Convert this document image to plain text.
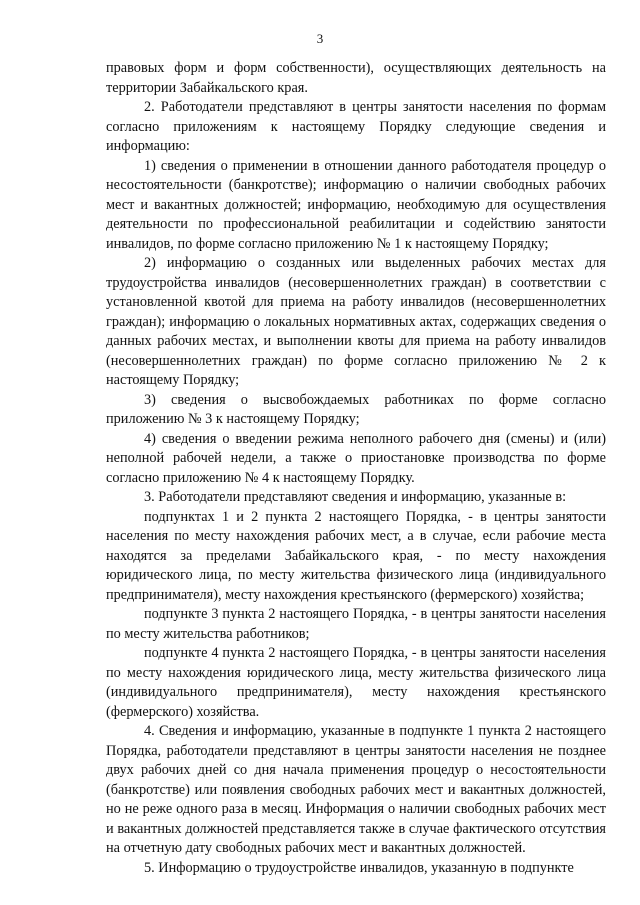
3

правовых форм и форм собственности), осуществляющих деятельность на территории Забайкальского края.

2. Работодатели представляют в центры занятости населения по формам согласно приложениям к настоящему Порядку следующие сведения и информацию:

1) сведения о применении в отношении данного работодателя процедур о несостоятельности (банкротстве); информацию о наличии свободных рабочих мест и вакантных должностей; информацию, необходимую для осуществления деятельности по профессиональной реабилитации и содействию занятости инвалидов, по форме согласно приложению № 1 к настоящему Порядку;

2) информацию о созданных или выделенных рабочих местах для трудоустройства инвалидов (несовершеннолетних граждан) в соответствии с установленной квотой для приема на работу инвалидов (несовершеннолетних граждан); информацию о локальных нормативных актах, содержащих сведения о данных рабочих местах, и выполнении квоты для приема на работу инвалидов (несовершеннолетних граждан) по форме согласно приложению № 2 к настоящему Порядку;

3) сведения о высвобождаемых работниках по форме согласно приложению № 3 к настоящему Порядку;

4) сведения о введении режима неполного рабочего дня (смены) и (или) неполной рабочей недели, а также о приостановке производства по форме согласно приложению № 4 к настоящему Порядку.

3. Работодатели представляют сведения и информацию, указанные в:

подпунктах 1 и 2 пункта 2 настоящего Порядка, - в центры занятости населения по месту нахождения рабочих мест, а в случае, если рабочие места находятся за пределами Забайкальского края, - по месту нахождения юридического лица, по месту жительства физического лица (индивидуального предпринимателя), месту нахождения крестьянского (фермерского) хозяйства;

подпункте 3 пункта 2 настоящего Порядка, - в центры занятости населения по месту жительства работников;

подпункте 4 пункта 2 настоящего Порядка, - в центры занятости населения по месту нахождения юридического лица, месту жительства физического лица (индивидуального предпринимателя), месту нахождения крестьянского (фермерского) хозяйства.

4. Сведения и информацию, указанные в подпункте 1 пункта 2 настоящего Порядка, работодатели представляют в центры занятости населения не позднее двух рабочих дней со дня начала применения процедур о несостоятельности (банкротстве) или появления свободных рабочих мест и вакантных должностей, но не реже одного раза в месяц. Информация о наличии свободных рабочих мест и вакантных должностей представляется также в случае фактического отсутствия на отчетную дату свободных рабочих мест и вакантных должностей.

5. Информацию о трудоустройстве инвалидов, указанную в подпункте
